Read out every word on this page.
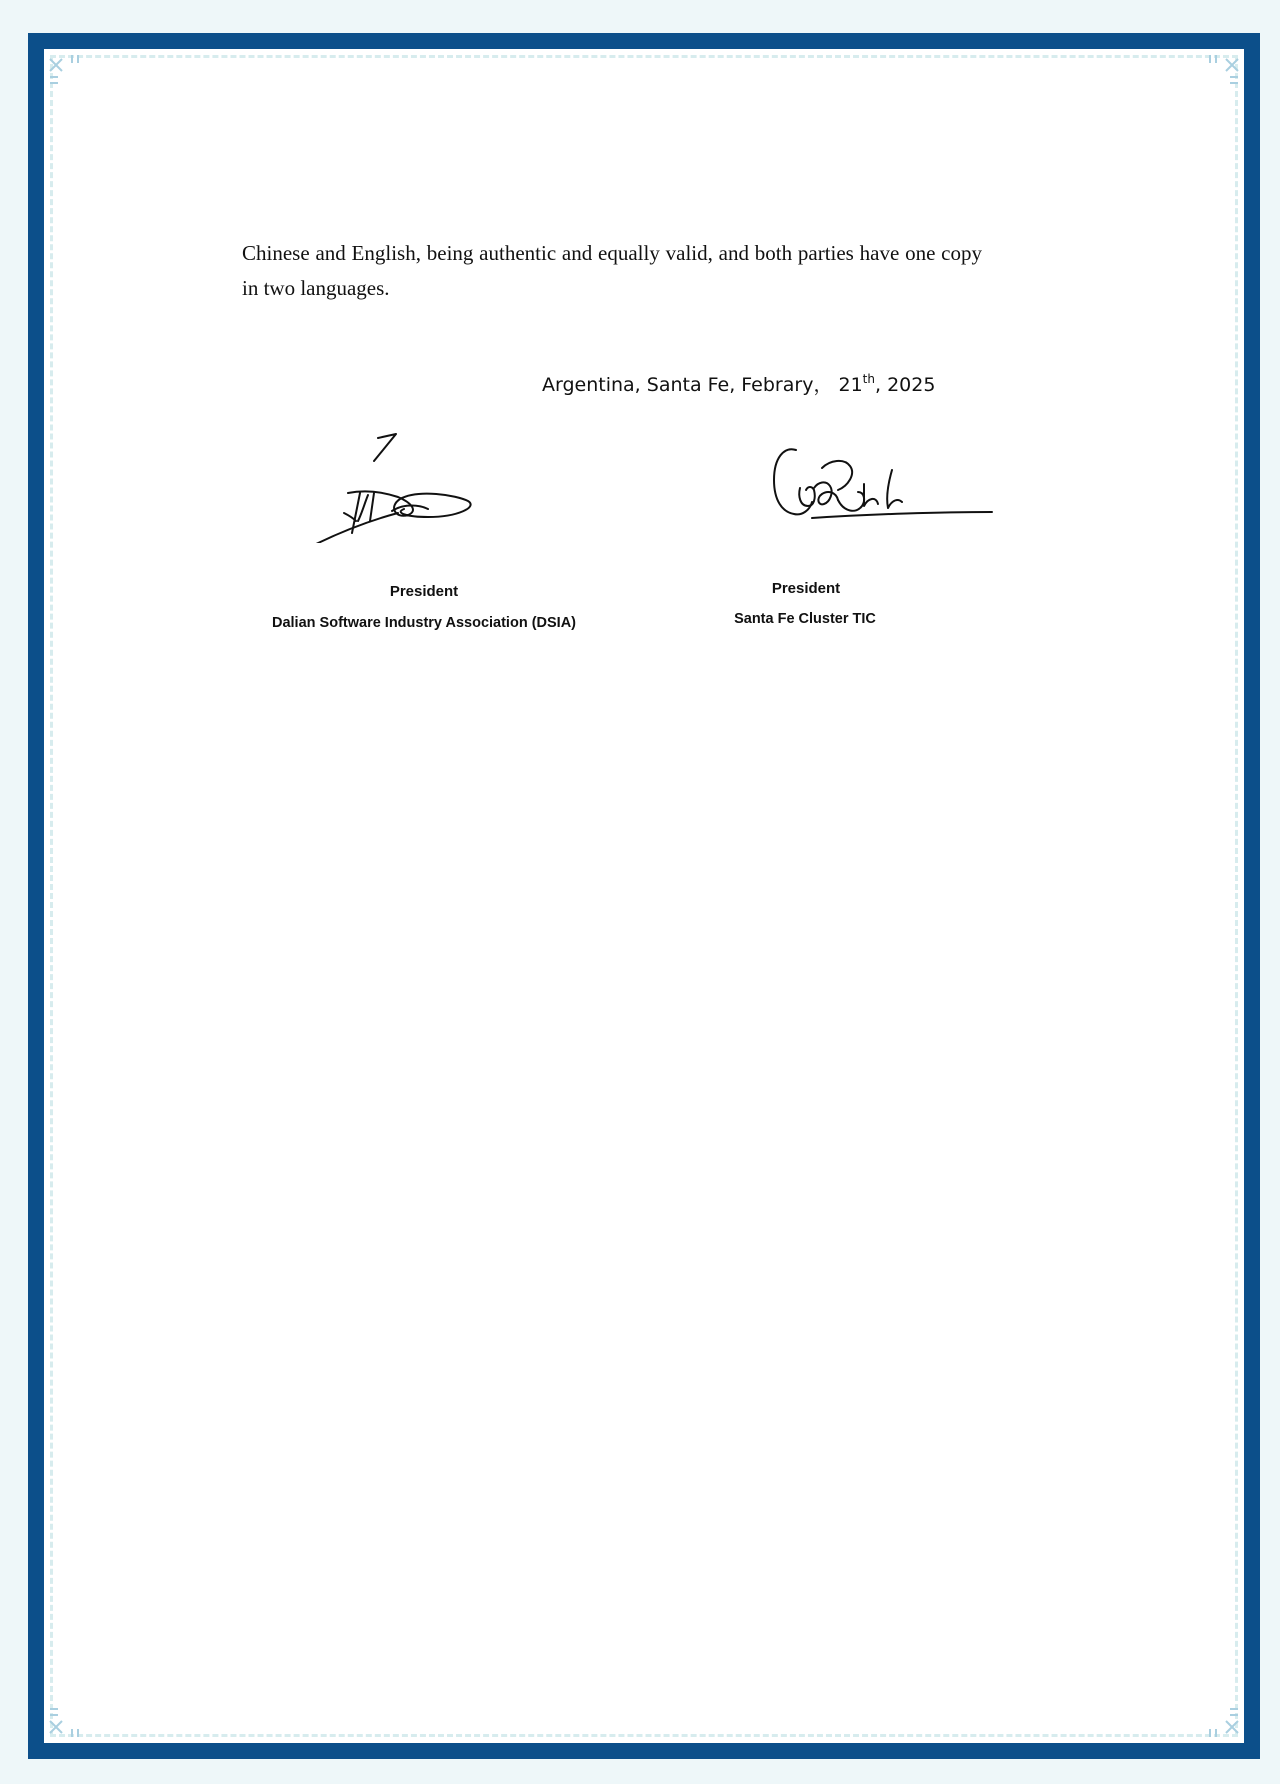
Chinese and English, being authentic and equally valid, and both parties have one copy in two languages.
Argentina, Santa Fe, Febrary， 21th, 2025
President
Dalian Software Industry Association (DSIA)
President
Santa Fe Cluster TIC
